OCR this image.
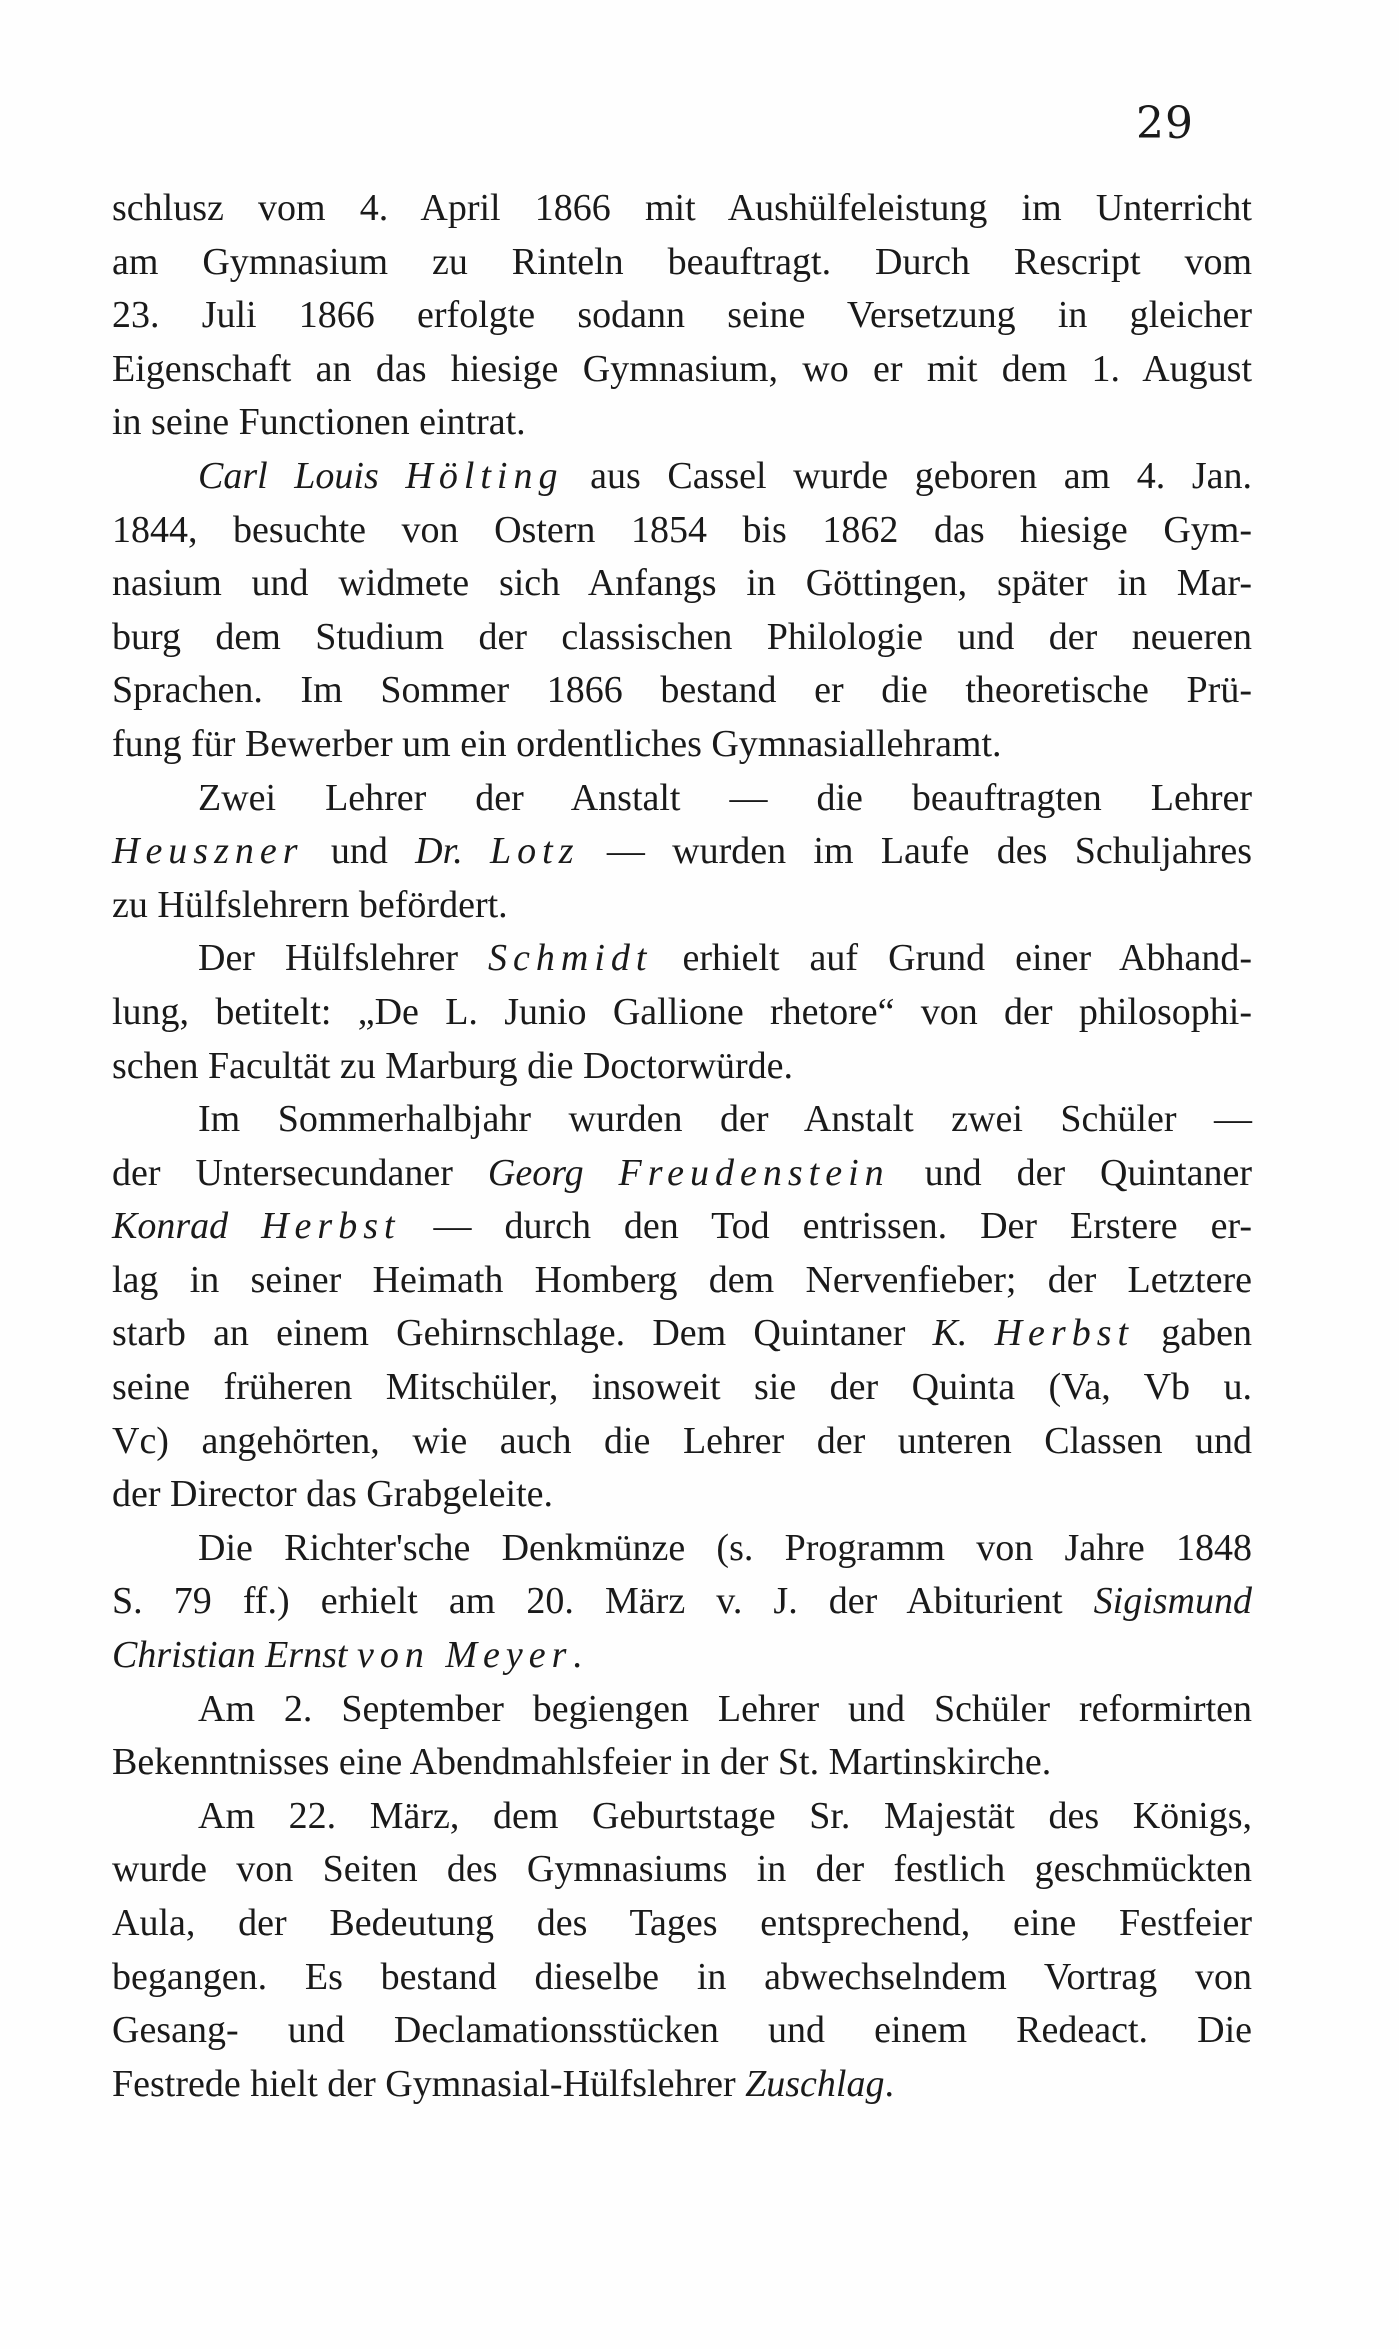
29
schlusz vom 4. April 1866 mit Aushülfeleistung im Unterricht
am Gymnasium zu Rinteln beauftragt. Durch Rescript vom
23. Juli 1866 erfolgte sodann seine Versetzung in gleicher
Eigenschaft an das hiesige Gymnasium, wo er mit dem 1. August
in seine Functionen eintrat.
Carl Louis Hölting aus Cassel wurde geboren am 4. Jan.
1844, besuchte von Ostern 1854 bis 1862 das hiesige Gym-
nasium und widmete sich Anfangs in Göttingen, später in Mar-
burg dem Studium der classischen Philologie und der neueren
Sprachen. Im Sommer 1866 bestand er die theoretische Prü-
fung für Bewerber um ein ordentliches Gymnasiallehramt.
Zwei Lehrer der Anstalt — die beauftragten Lehrer
Heuszner und Dr. Lotz — wurden im Laufe des Schuljahres
zu Hülfslehrern befördert.
Der Hülfslehrer Schmidt erhielt auf Grund einer Abhand-
lung, betitelt: „De L. Junio Gallione rhetore“ von der philosophi-
schen Facultät zu Marburg die Doctorwürde.
Im Sommerhalbjahr wurden der Anstalt zwei Schüler —
der Untersecundaner Georg Freudenstein und der Quintaner
Konrad Herbst — durch den Tod entrissen. Der Erstere er-
lag in seiner Heimath Homberg dem Nervenfieber; der Letztere
starb an einem Gehirnschlage. Dem Quintaner K. Herbst gaben
seine früheren Mitschüler, insoweit sie der Quinta (Va, Vb u.
Vc) angehörten, wie auch die Lehrer der unteren Classen und
der Director das Grabgeleite.
Die Richter'sche Denkmünze (s. Programm von Jahre 1848
S. 79 ff.) erhielt am 20. März v. J. der Abiturient Sigismund
Christian Ernst von Meyer.
Am 2. September begiengen Lehrer und Schüler reformirten
Bekenntnisses eine Abendmahlsfeier in der St. Martinskirche.
Am 22. März, dem Geburtstage Sr. Majestät des Königs,
wurde von Seiten des Gymnasiums in der festlich geschmückten
Aula, der Bedeutung des Tages entsprechend, eine Festfeier
begangen. Es bestand dieselbe in abwechselndem Vortrag von
Gesang- und Declamationsstücken und einem Redeact. Die
Festrede hielt der Gymnasial-Hülfslehrer Zuschlag.
